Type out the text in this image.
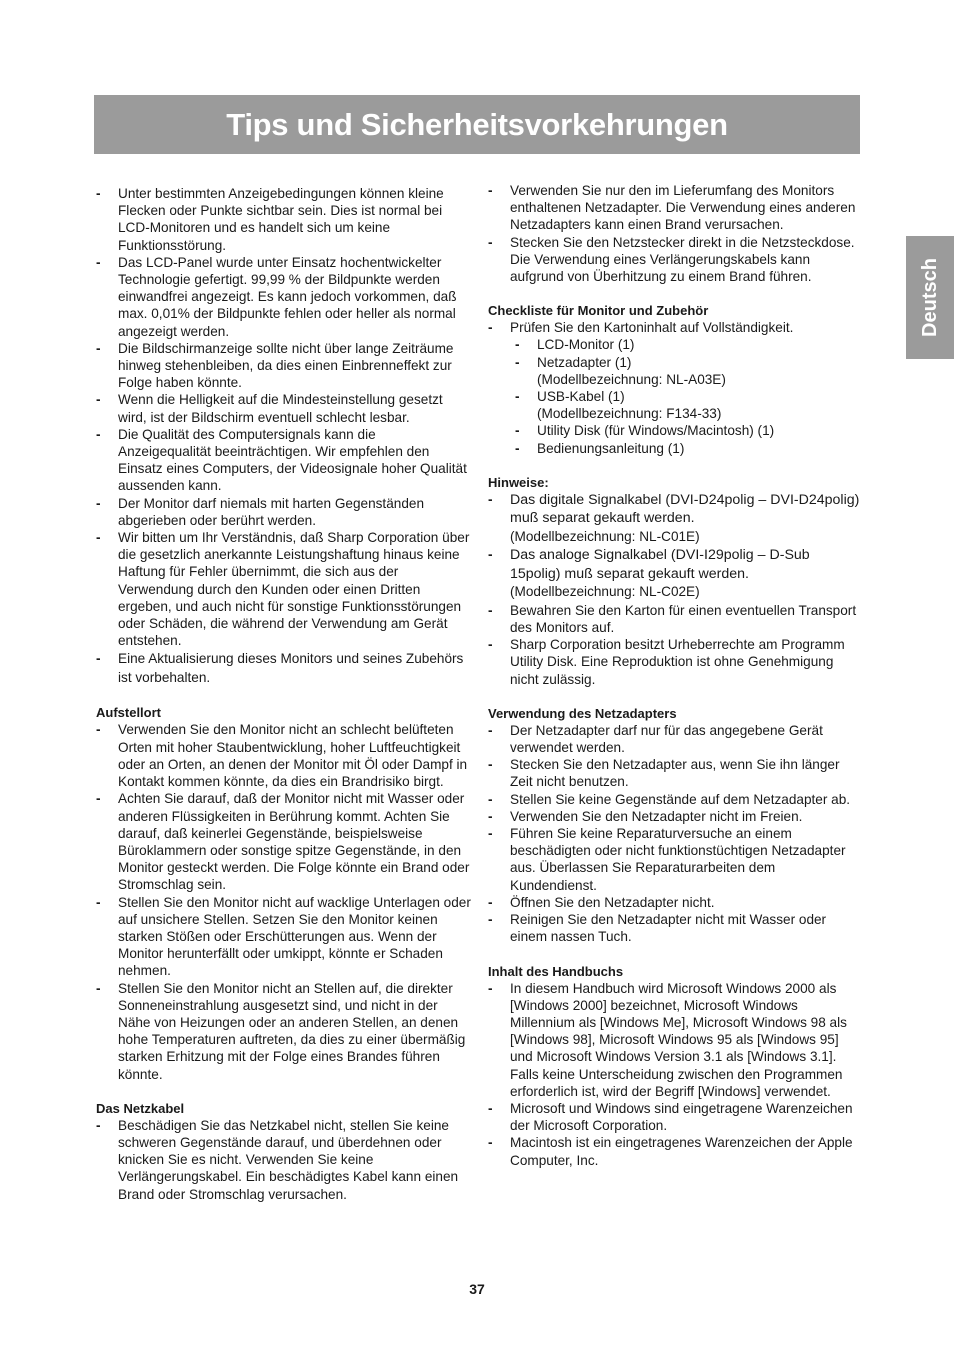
Tips und Sicherheitsvorkehrungen
Deutsch
- Unter bestimmten Anzeigebedingungen können kleine Flecken oder Punkte sichtbar sein. Dies ist normal bei LCD-Monitoren und es handelt sich um keine Funktionsstörung.
- Das LCD-Panel wurde unter Einsatz hochentwickelter Technologie gefertigt. 99,99 % der Bildpunkte werden einwandfrei angezeigt. Es kann jedoch vorkommen, daß max. 0,01% der Bildpunkte fehlen oder heller als normal angezeigt werden.
- Die Bildschirmanzeige sollte nicht über lange Zeiträume hinweg stehenbleiben, da dies einen Einbrenneffekt zur Folge haben könnte.
- Wenn die Helligkeit auf die Mindesteinstellung gesetzt wird, ist der Bildschirm eventuell schlecht lesbar.
- Die Qualität des Computersignals kann die Anzeigequalität beeinträchtigen. Wir empfehlen den Einsatz eines Computers, der Videosignale hoher Qualität aussenden kann.
- Der Monitor darf niemals mit harten Gegenständen abgerieben oder berührt werden.
- Wir bitten um Ihr Verständnis, daß Sharp Corporation über die gesetzlich anerkannte Leistungshaftung hinaus keine Haftung für Fehler übernimmt, die sich aus der Verwendung durch den Kunden oder einen Dritten ergeben, und auch nicht für sonstige Funktionsstörungen oder Schäden, die während der Verwendung am Gerät entstehen.
- Eine Aktualisierung dieses Monitors und seines Zubehörs ist vorbehalten.
Aufstellort
- Verwenden Sie den Monitor nicht an schlecht belüfteten Orten mit hoher Staubentwicklung, hoher Luftfeuchtigkeit oder an Orten, an denen der Monitor mit Öl oder Dampf in Kontakt kommen könnte, da dies ein Brandrisiko birgt.
- Achten Sie darauf, daß der Monitor nicht mit Wasser oder anderen Flüssigkeiten in Berührung kommt. Achten Sie darauf, daß keinerlei Gegenstände, beispielsweise Büroklammern oder sonstige spitze Gegenstände, in den Monitor gesteckt werden. Die Folge könnte ein Brand oder Stromschlag sein.
- Stellen Sie den Monitor nicht auf wacklige Unterlagen oder auf unsichere Stellen. Setzen Sie den Monitor keinen starken Stößen oder Erschütterungen aus. Wenn der Monitor herunterfällt oder umkippt, könnte er Schaden nehmen.
- Stellen Sie den Monitor nicht an Stellen auf, die direkter Sonneneinstrahlung ausgesetzt sind, und nicht in der Nähe von Heizungen oder an anderen Stellen, an denen hohe Temperaturen auftreten, da dies zu einer übermäßig starken Erhitzung mit der Folge eines Brandes führen könnte.
Das Netzkabel
- Beschädigen Sie das Netzkabel nicht, stellen Sie keine schweren Gegenstände darauf, und überdehnen oder knicken Sie es nicht. Verwenden Sie keine Verlängerungskabel. Ein beschädigtes Kabel kann einen Brand oder Stromschlag verursachen.
- Verwenden Sie nur den im Lieferumfang des Monitors enthaltenen Netzadapter. Die Verwendung eines anderen Netzadapters kann einen Brand verursachen.
- Stecken Sie den Netzstecker direkt in die Netzsteckdose. Die Verwendung eines Verlängerungskabels kann aufgrund von Überhitzung zu einem Brand führen.
Checkliste für Monitor und Zubehör
- Prüfen Sie den Kartoninhalt auf Vollständigkeit.
- LCD-Monitor (1)
- Netzadapter (1)
(Modellbezeichnung: NL-A03E)
- USB-Kabel (1)
(Modellbezeichnung: F134-33)
- Utility Disk (für Windows/Macintosh) (1)
- Bedienungsanleitung (1)
Hinweise:
- Das digitale Signalkabel (DVI-D24polig – DVI-D24polig) muß separat gekauft werden.
(Modellbezeichnung: NL-C01E)
- Das analoge Signalkabel (DVI-I29polig – D-Sub 15polig) muß separat gekauft werden.
(Modellbezeichnung: NL-C02E)
- Bewahren Sie den Karton für einen eventuellen Transport des Monitors auf.
- Sharp Corporation besitzt Urheberrechte am Programm Utility Disk. Eine Reproduktion ist ohne Genehmigung nicht zulässig.
Verwendung des Netzadapters
- Der Netzadapter darf nur für das angegebene Gerät verwendet werden.
- Stecken Sie den Netzadapter aus, wenn Sie ihn länger Zeit nicht benutzen.
- Stellen Sie keine Gegenstände auf dem Netzadapter ab.
- Verwenden Sie den Netzadapter nicht im Freien.
- Führen Sie keine Reparaturversuche an einem beschädigten oder nicht funktionstüchtigen Netzadapter aus. Überlassen Sie Reparaturarbeiten dem Kundendienst.
- Öffnen Sie den Netzadapter nicht.
- Reinigen Sie den Netzadapter nicht mit Wasser oder einem nassen Tuch.
Inhalt des Handbuchs
- In diesem Handbuch wird Microsoft Windows 2000 als [Windows 2000] bezeichnet, Microsoft Windows Millennium als [Windows Me], Microsoft Windows 98 als [Windows 98], Microsoft Windows 95 als [Windows 95] und Microsoft Windows Version 3.1 als [Windows 3.1]. Falls keine Unterscheidung zwischen den Programmen erforderlich ist, wird der Begriff [Windows] verwendet.
- Microsoft und Windows sind eingetragene Warenzeichen der Microsoft Corporation.
- Macintosh ist ein eingetragenes Warenzeichen der Apple Computer, Inc.
37
